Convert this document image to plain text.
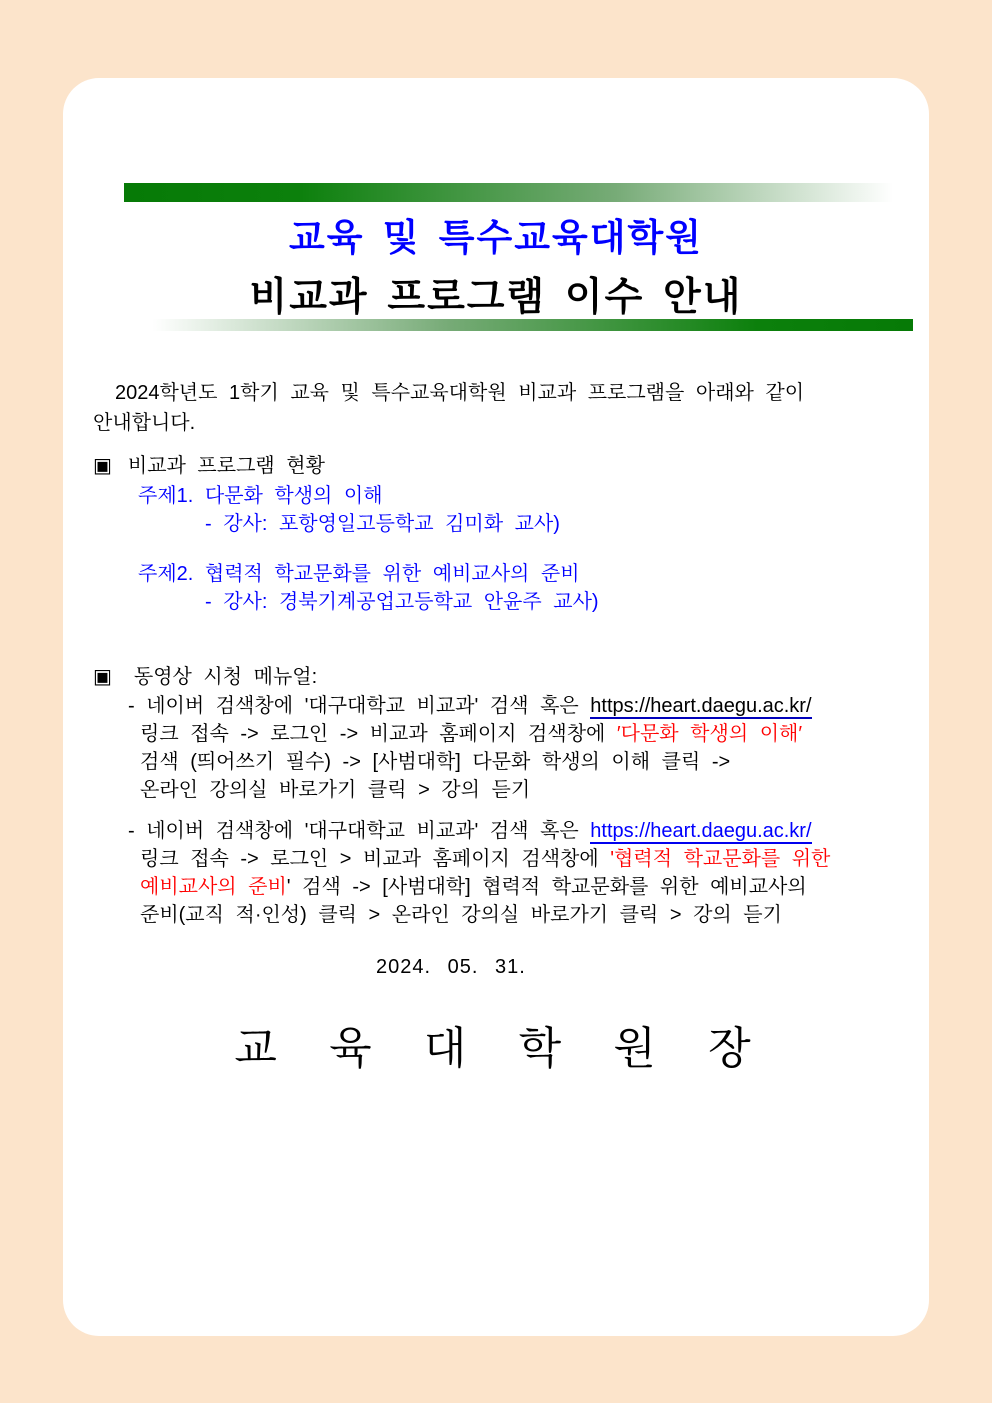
교육 및 특수교육대학원
비교과 프로그램 이수 안내
2024학년도 1학기 교육 및 특수교육대학원 비교과 프로그램을 아래와 같이
안내합니다.
▣ 비교과 프로그램 현황
주제1. 다문화 학생의 이해
- 강사: 포항영일고등학교 김미화 교사)
주제2. 협력적 학교문화를 위한 예비교사의 준비
- 강사: 경북기계공업고등학교 안윤주 교사)
▣ 동영상 시청 메뉴얼:
- 네이버 검색창에 '대구대학교 비교과' 검색 혹은 https://heart.daegu.ac.kr/
링크 접속 -> 로그인 -> 비교과 홈페이지 검색창에 ′다문화 학생의 이해′
검색 (띄어쓰기 필수) -> [사범대학] 다문화 학생의 이해 클릭 ->
온라인 강의실 바로가기 클릭 > 강의 듣기
- 네이버 검색창에 '대구대학교 비교과' 검색 혹은 https://heart.daegu.ac.kr/
링크 접속 -> 로그인 > 비교과 홈페이지 검색창에 '협력적 학교문화를 위한
예비교사의 준비' 검색 -> [사범대학] 협력적 학교문화를 위한 예비교사의
준비(교직 적·인성) 클릭 > 온라인 강의실 바로가기 클릭 > 강의 듣기
2024. 05. 31.
교 육 대 학 원 장
